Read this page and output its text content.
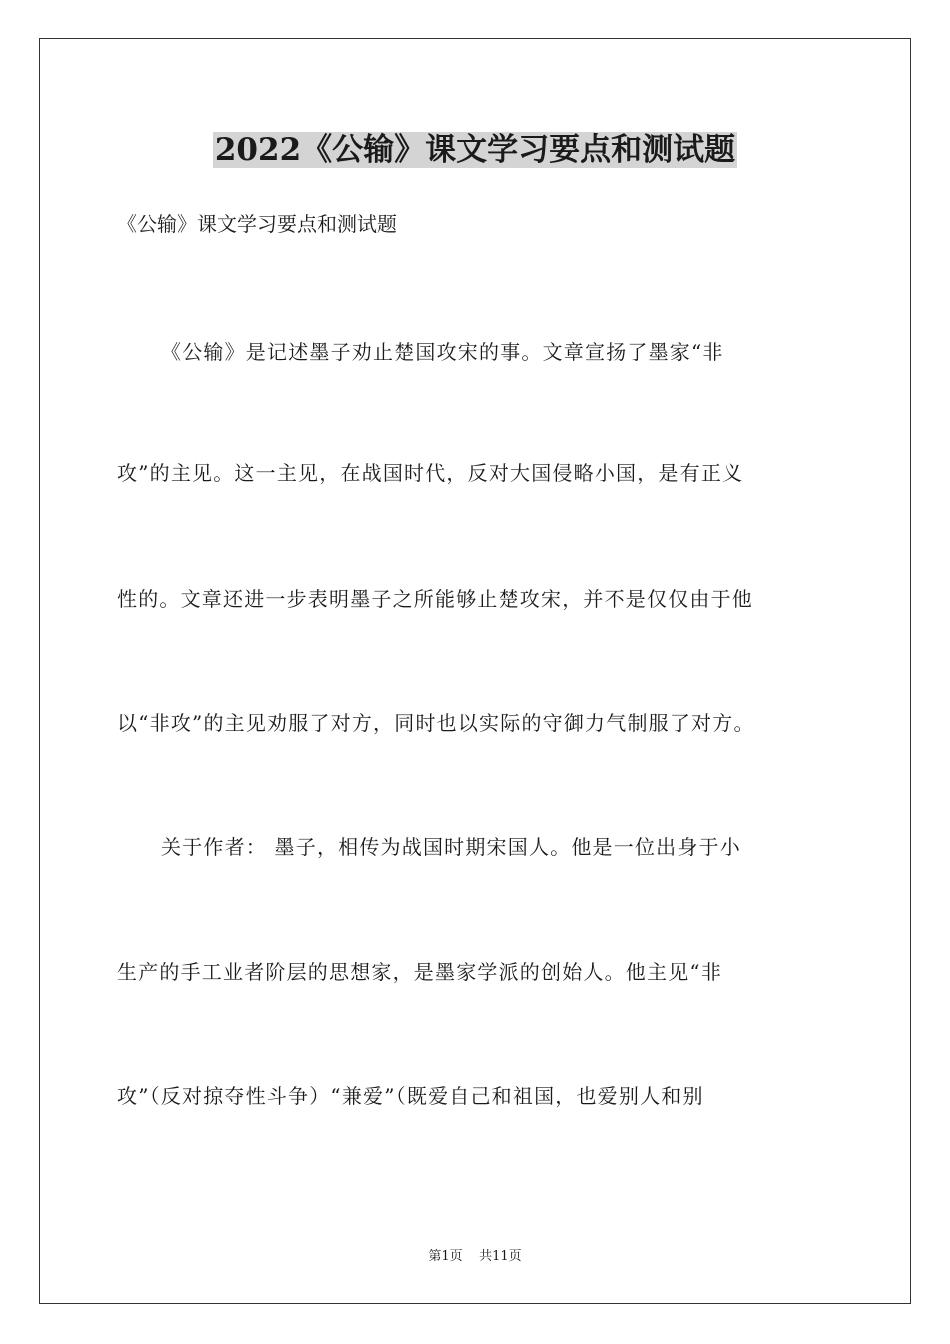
2022《公输》课文学习要点和测试题

《公输》课文学习要点和测试题

《公输》是记述墨子劝止楚国攻宋的事。文章宣扬了墨家“非

攻”的主见。这一主见，在战国时代，反对大国侵略小国，是有正义

性的。文章还进一步表明墨子之所能够止楚攻宋，并不是仅仅由于他

以“非攻”的主见劝服了对方，同时也以实际的守御力气制服了对方。

关于作者： 墨子，相传为战国时期宋国人。他是一位出身于小

生产的手工业者阶层的思想家，是墨家学派的创始人。他主见“非

攻”（反对掠夺性斗争）“兼爱”（既爱自己和祖国，也爱别人和别

第1页 共11页
